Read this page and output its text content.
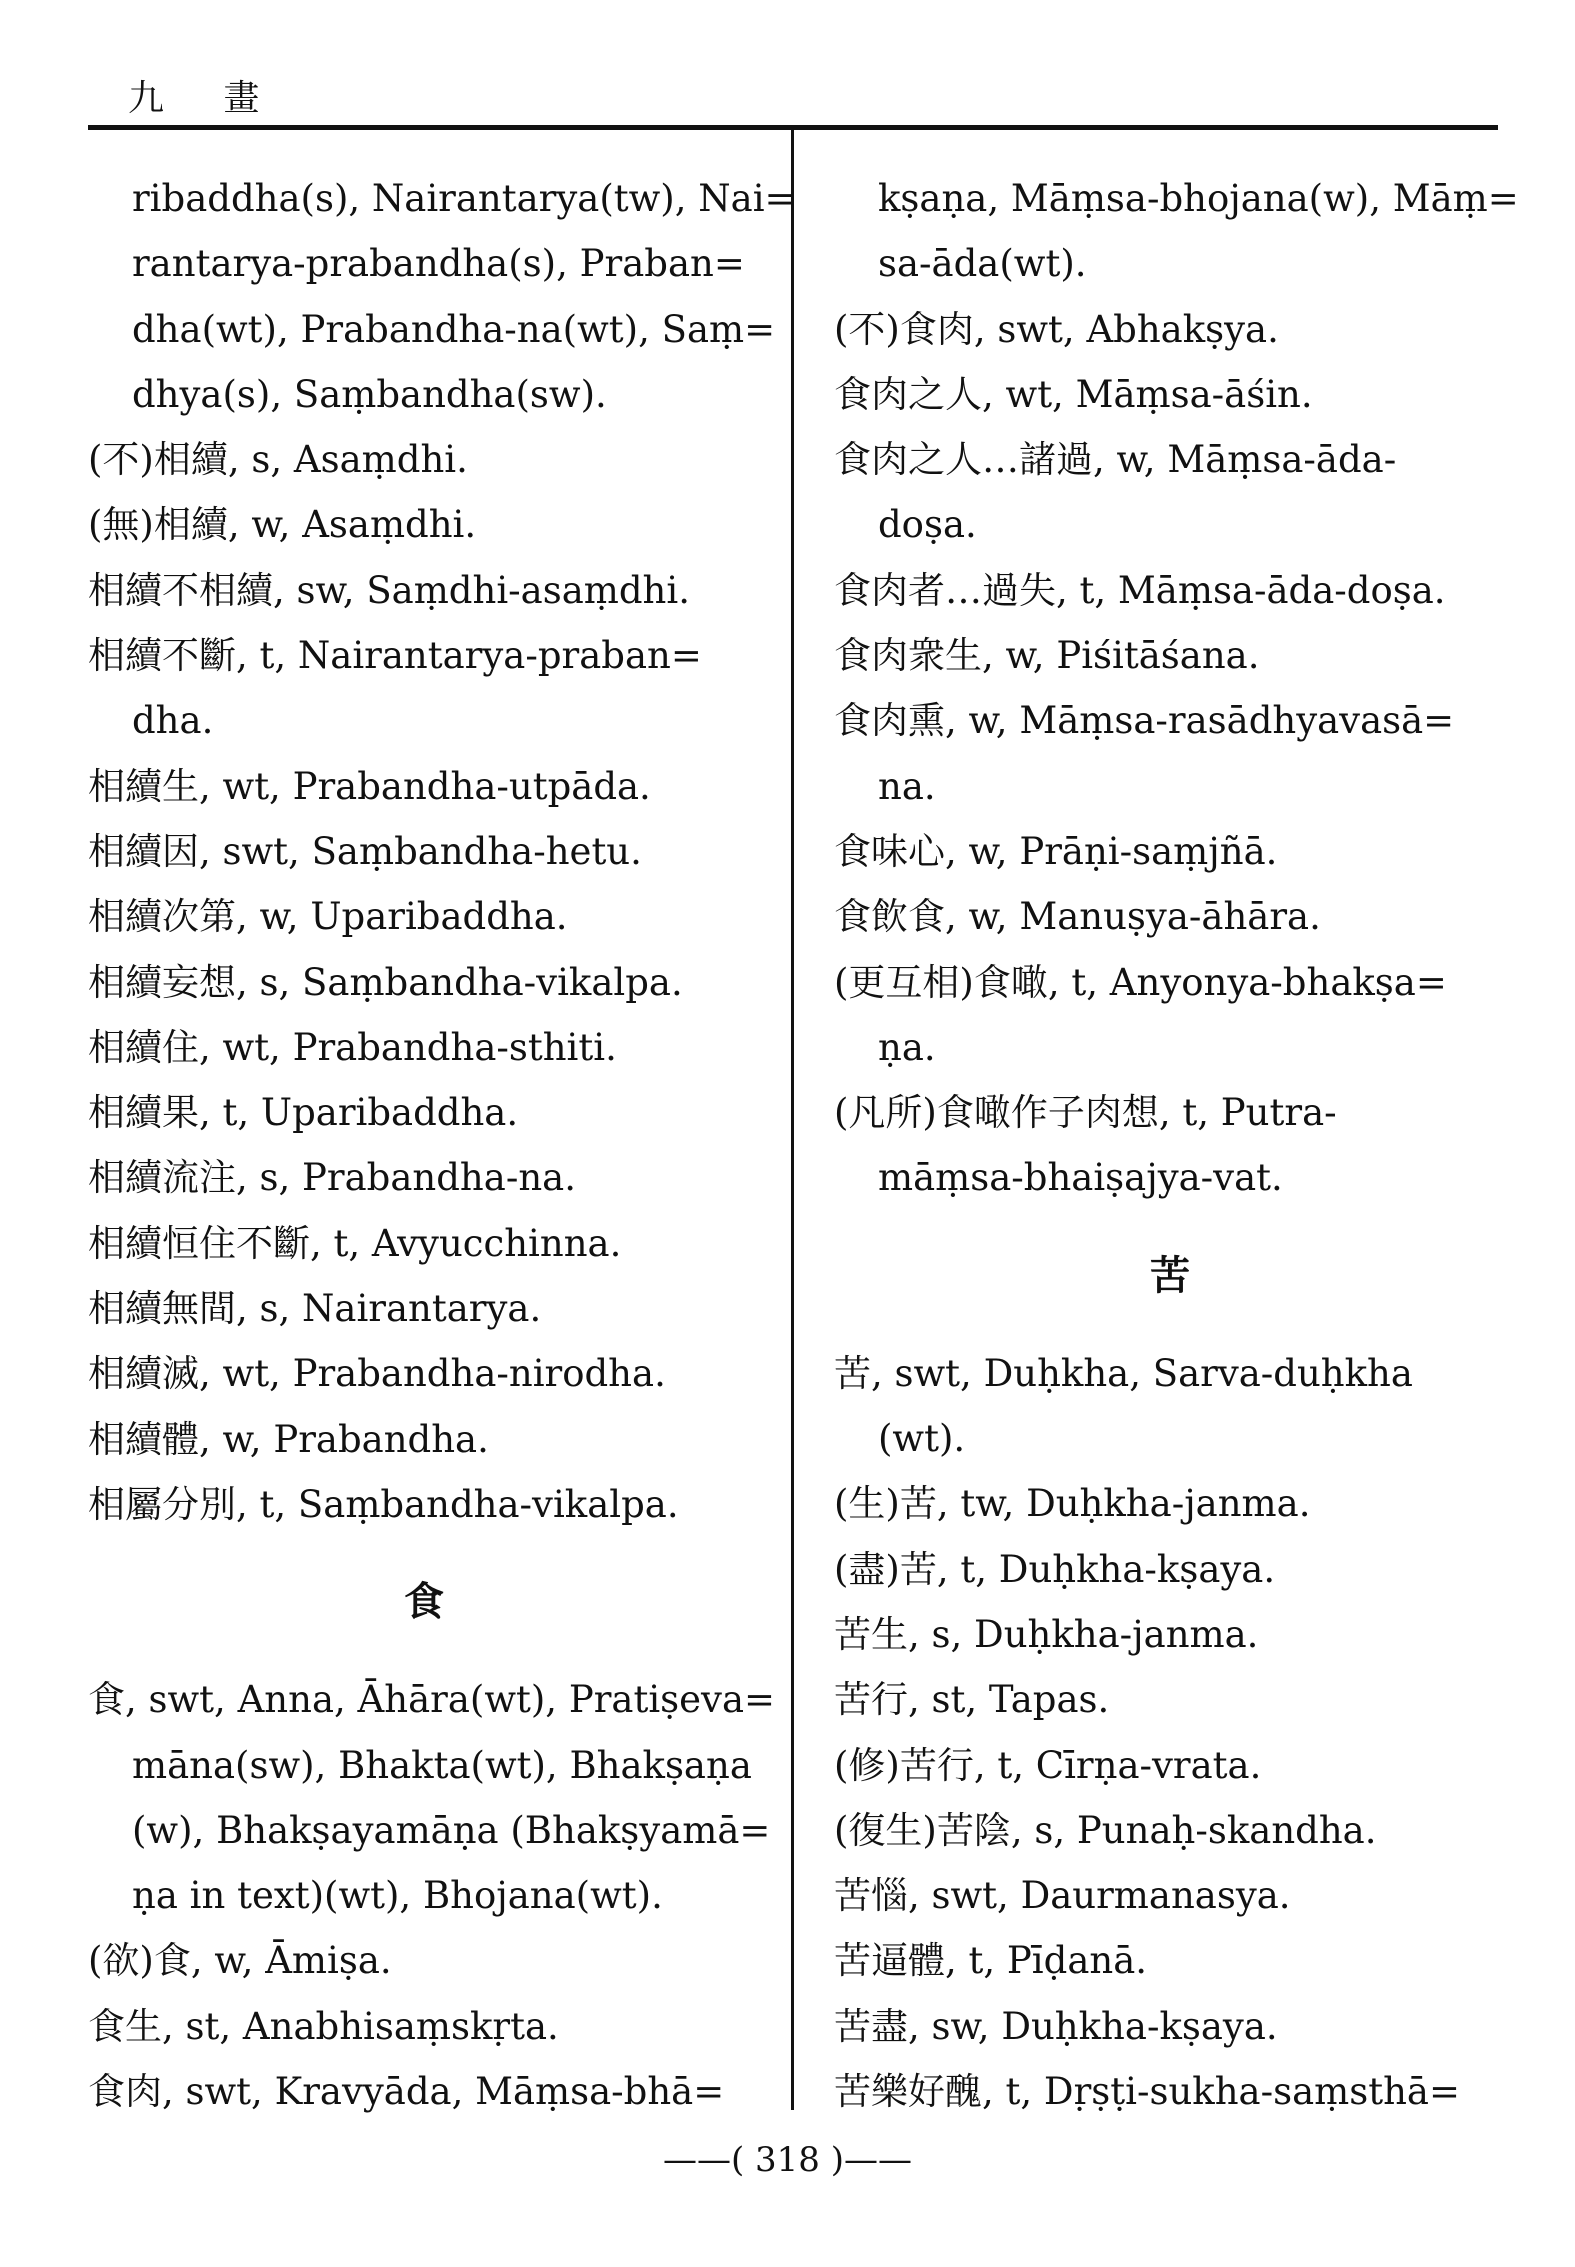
九 畫
ribaddha(s), Nairantarya(tw), Nai=
rantarya-prabandha(s), Praban=
dha(wt), Prabandha-na(wt), Saṃ=
dhya(s), Saṃbandha(sw).
(不)相續, s, Asaṃdhi.
(無)相續, w, Asaṃdhi.
相續不相續, sw, Saṃdhi-asaṃdhi.
相續不斷, t, Nairantarya-praban=
dha.
相續生, wt, Prabandha-utpāda.
相續因, swt, Saṃbandha-hetu.
相續次第, w, Uparibaddha.
相續妄想, s, Saṃbandha-vikalpa.
相續住, wt, Prabandha-sthiti.
相續果, t, Uparibaddha.
相續流注, s, Prabandha-na.
相續恒住不斷, t, Avyucchinna.
相續無間, s, Nairantarya.
相續滅, wt, Prabandha-nirodha.
相續體, w, Prabandha.
相屬分別, t, Saṃbandha-vikalpa.
食
食, swt, Anna, Āhāra(wt), Pratiṣeva=
māna(sw), Bhakta(wt), Bhakṣaṇa
(w), Bhakṣayamāṇa (Bhakṣyamā=
ṇa in text)(wt), Bhojana(wt).
(欲)食, w, Āmiṣa.
食生, st, Anabhisaṃskṛta.
食肉, swt, Kravyāda, Māṃsa-bhā=
kṣaṇa, Māṃsa-bhojana(w), Māṃ=
sa-āda(wt).
(不)食肉, swt, Abhakṣya.
食肉之人, wt, Māṃsa-āśin.
食肉之人…諸過, w, Māṃsa-āda-
doṣa.
食肉者…過失, t, Māṃsa-āda-doṣa.
食肉衆生, w, Piśitāśana.
食肉熏, w, Māṃsa-rasādhyavasā=
na.
食味心, w, Prāṇi-saṃjñā.
食飲食, w, Manuṣya-āhāra.
(更互相)食噉, t, Anyonya-bhakṣa=
ṇa.
(凡所)食噉作子肉想, t, Putra-
māṃsa-bhaiṣajya-vat.
苦
苦, swt, Duḥkha, Sarva-duḥkha
(wt).
(生)苦, tw, Duḥkha-janma.
(盡)苦, t, Duḥkha-kṣaya.
苦生, s, Duḥkha-janma.
苦行, st, Tapas.
(修)苦行, t, Cīrṇa-vrata.
(復生)苦陰, s, Punaḥ-skandha.
苦惱, swt, Daurmanasya.
苦逼體, t, Pīḍanā.
苦盡, sw, Duḥkha-kṣaya.
苦樂好醜, t, Dṛṣṭi-sukha-saṃsthā=
——( 318 )——
